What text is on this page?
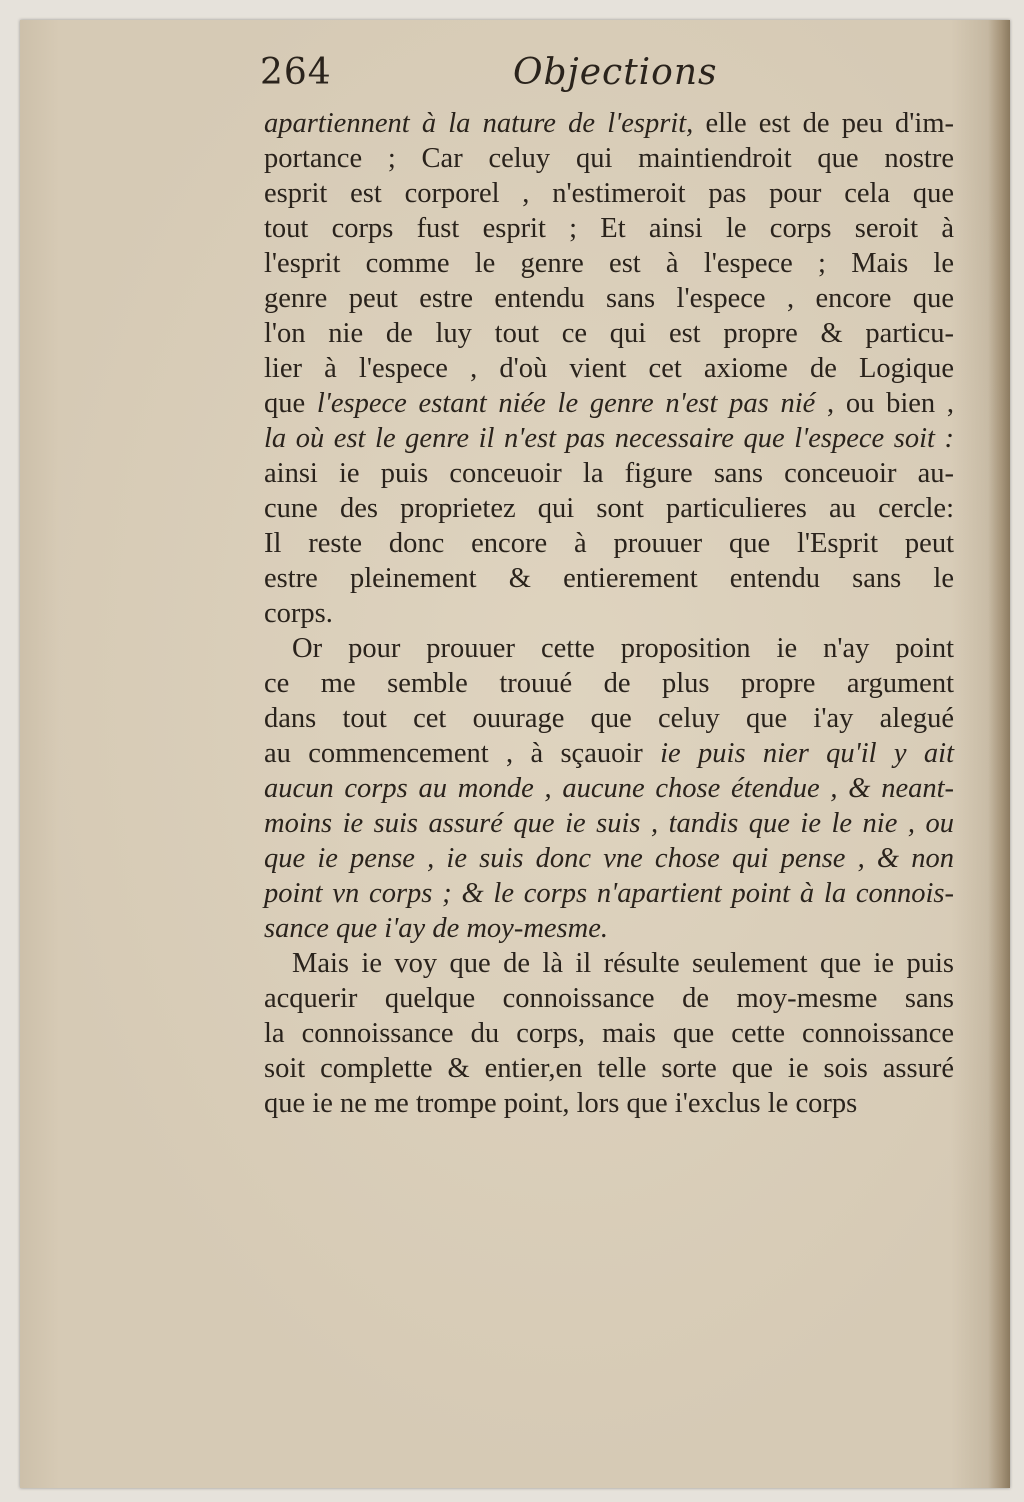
264	Objections
apartiennent à la nature de l'esprit, elle est de peu d'im-
portance ; Car celuy qui maintiendroit que nostre
esprit est corporel , n'estimeroit pas pour cela que
tout corps fust esprit ; Et ainsi le corps seroit à
l'esprit comme le genre est à l'espece ; Mais le
genre peut estre entendu sans l'espece , encore que
l'on nie de luy tout ce qui est propre & particu-
lier à l'espece , d'où vient cet axiome de Logique
que l'espece estant niée le genre n'est pas nié , ou bien ,
la où est le genre il n'est pas necessaire que l'espece soit :
ainsi ie puis conceuoir la figure sans conceuoir au-
cune des proprietez qui sont particulieres au cercle:
Il reste donc encore à prouuer que l'Esprit peut
estre pleinement & entierement entendu sans le
corps.
Or pour prouuer cette proposition ie n'ay point
ce me semble trouué de plus propre argument
dans tout cet ouurage que celuy que i'ay alegué
au commencement , à sçauoir ie puis nier qu'il y ait
aucun corps au monde , aucune chose étendue , & neant-
moins ie suis assuré que ie suis , tandis que ie le nie , ou
que ie pense , ie suis donc vne chose qui pense , & non
point vn corps ; & le corps n'apartient point à la connois-
sance que i'ay de moy-mesme.
Mais ie voy que de là il résulte seulement que ie puis
acquerir quelque connoissance de moy-mesme sans
la connoissance du corps, mais que cette connoissance
soit complette & entier,en telle sorte que ie sois assuré
que ie ne me trompe point, lors que i'exclus le corps
